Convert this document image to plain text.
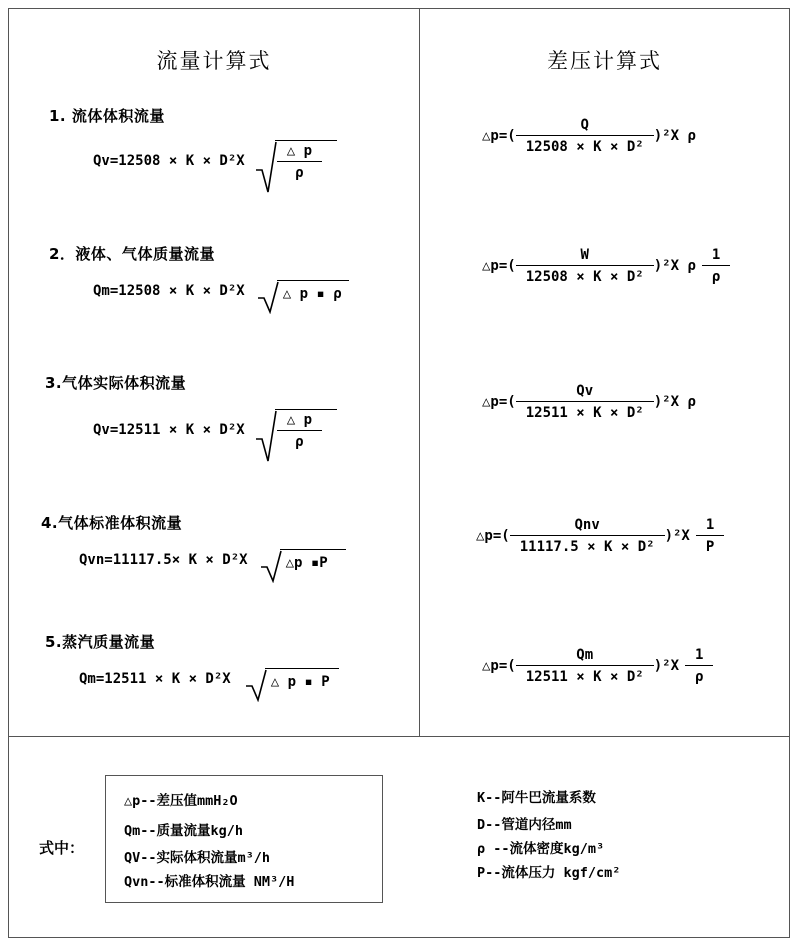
流量计算式
1. 流体体积流量
$Qv=12508 \times K \times D^2X \frac{\triangle p}{\rho}$
2．液体、气体质量流量
Qm=12508 × K × D²X	△ p ▪ ρ
3.气体实际体积流量
$Qv=12511 \times K \times D^2X \frac{\triangle p}{\rho}$
4.气体标准体积流量
Qvn=11117.5× K × D²X	△p ▪P
5.蒸汽质量流量
Qm=12511 × K × D²X	△ p ▪ P
差压计算式
△p=( $\frac{Q}{\text{12508 × K × D²}} )^2X$ ρ
△p=( $\frac{W}{\text{12508 × K × D²}} )^2X$ ρ $\frac{1}{\rho}$
△p=( $\frac{Qv}{\text{12511 × K × D²}} )^2X$ ρ
△p=( $\frac{\text{Qnv}}{\text{11117.5 × K × D²}} )^2X \frac{1}{P}$
△p=( $\frac{Qm}{\text{12511 × K × D²}} )^2X \frac{1}{\rho}$
式中：
△p--差压值mmH₂O
Qm--质量流量kg/h
QV--实际体积流量m³/h
Qvn--标准体积流量 NM³/H
K--阿牛巴流量系数
D--管道内径mm
ρ --流体密度kg/m³
P--流体压力 kgf/cm²
